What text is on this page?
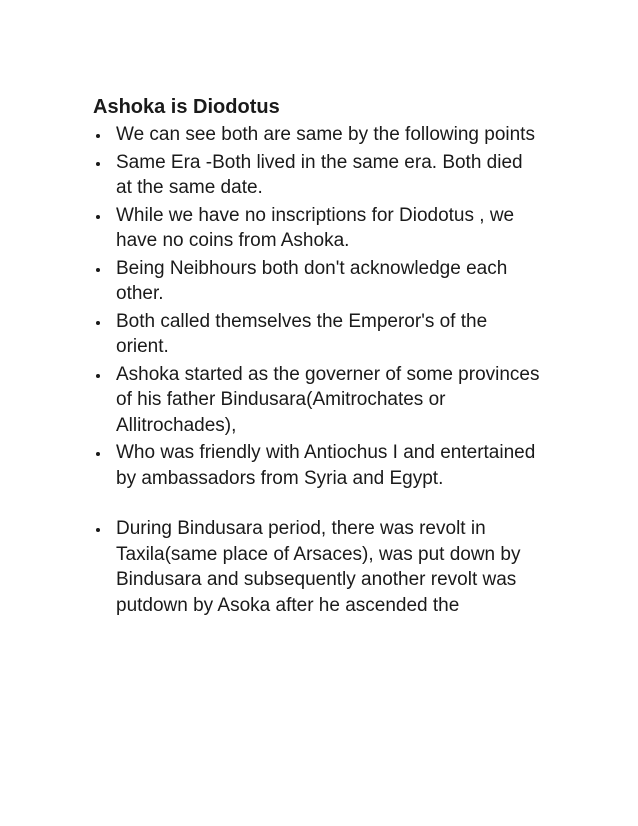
Ashoka is Diodotus
We can see both are same by the following points
Same Era -Both lived in the same era. Both died at the same date.
While we have no inscriptions for Diodotus , we have no coins from Ashoka.
Being Neibhours both don't acknowledge each other.
Both called themselves the Emperor's of the orient.
Ashoka started as the governer of some provinces of his father Bindusara(Amitrochates or Allitrochades),
Who was friendly with Antiochus I and entertained by ambassadors from Syria and Egypt.
During Bindusara period, there was revolt in Taxila(same place of Arsaces), was put down by Bindusara and subsequently another revolt was putdown by Asoka after he ascended the
